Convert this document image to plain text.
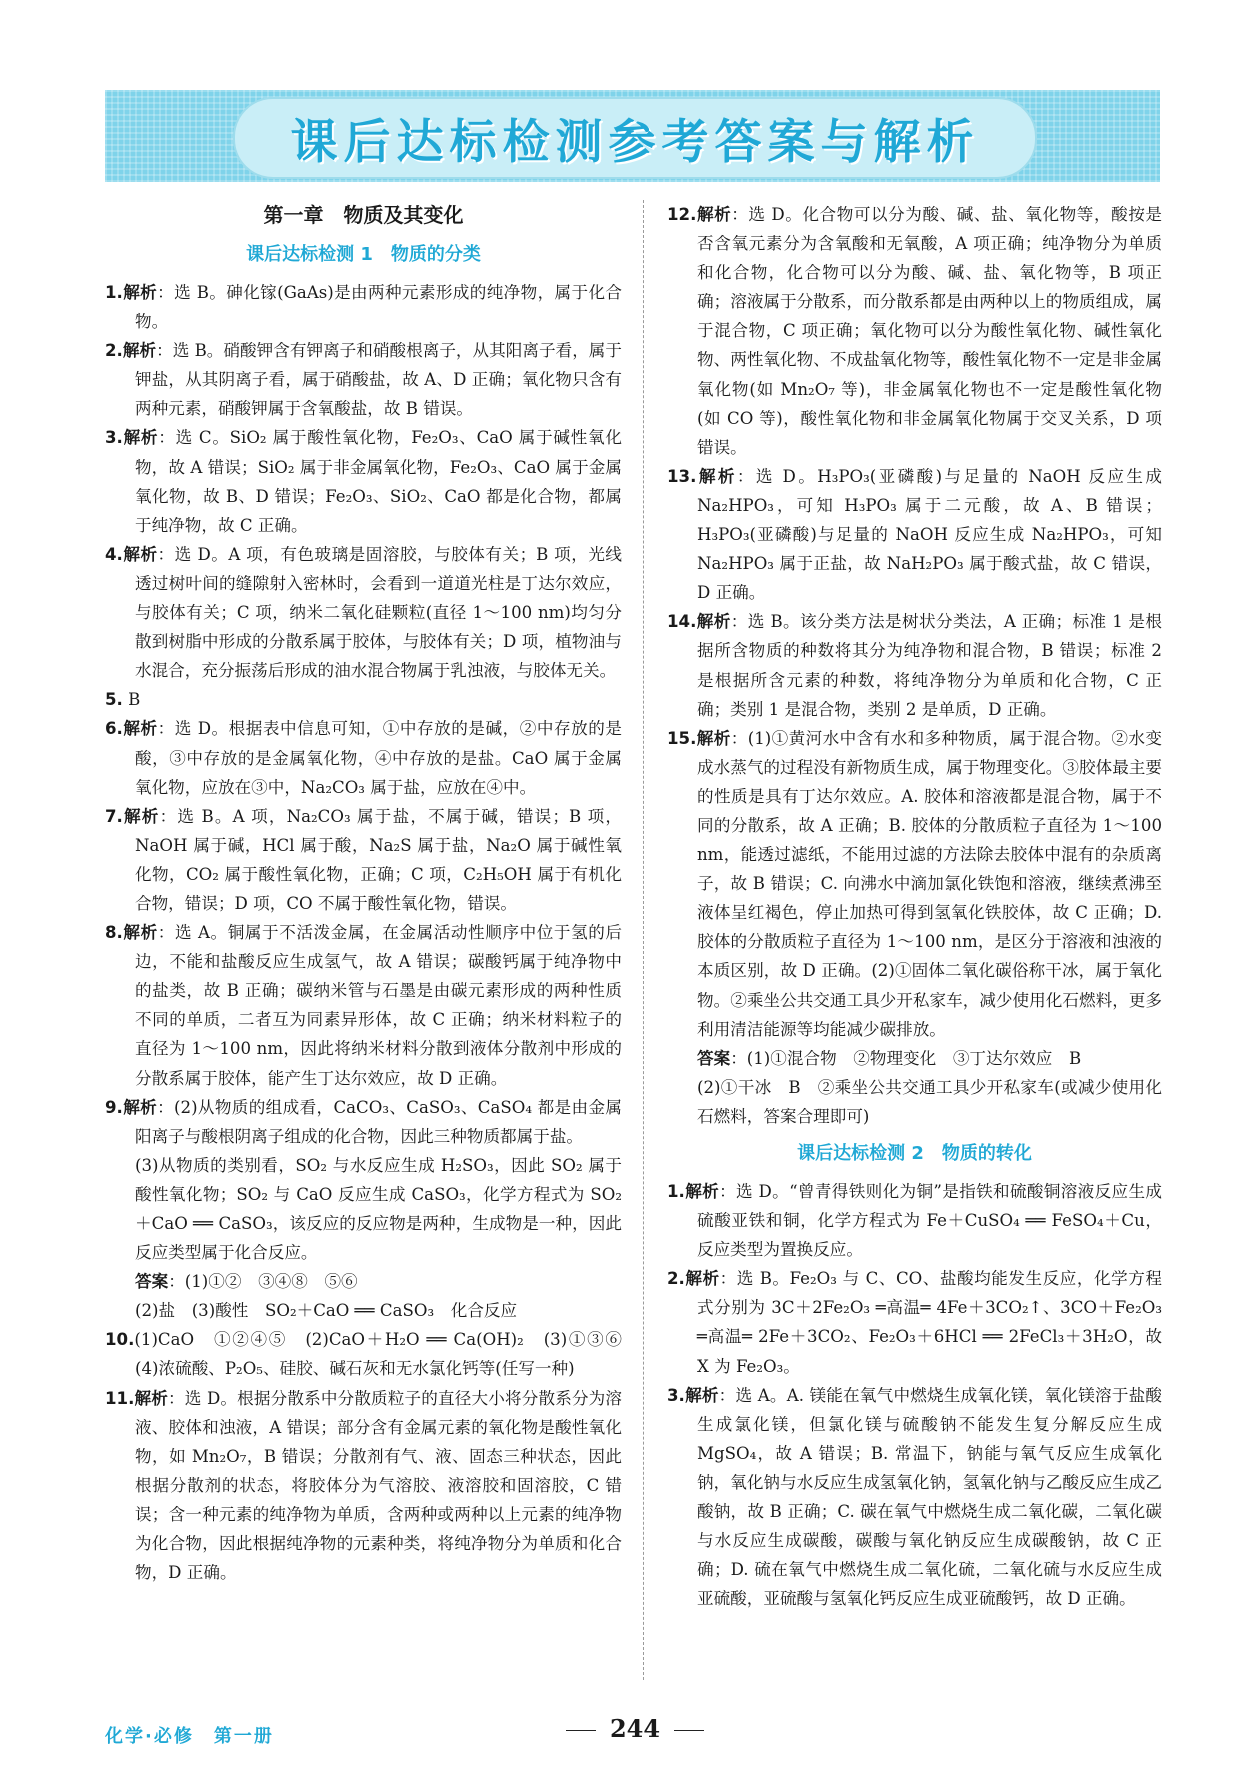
课后达标检测参考答案与解析
第一章　物质及其变化
课后达标检测 1　物质的分类

1.解析：选 B。砷化镓(GaAs)是由两种元素形成的纯净物，属于化合物。

2.解析：选 B。硝酸钾含有钾离子和硝酸根离子，从其阳离子看，属于钾盐，从其阴离子看，属于硝酸盐，故 A、D 正确；氧化物只含有两种元素，硝酸钾属于含氧酸盐，故 B 错误。

3.解析：选 C。SiO₂ 属于酸性氧化物，Fe₂O₃、CaO 属于碱性氧化物，故 A 错误；SiO₂ 属于非金属氧化物，Fe₂O₃、CaO 属于金属氧化物，故 B、D 错误；Fe₂O₃、SiO₂、CaO 都是化合物，都属于纯净物，故 C 正确。

4.解析：选 D。A 项，有色玻璃是固溶胶，与胶体有关；B 项，光线透过树叶间的缝隙射入密林时，会看到一道道光柱是丁达尔效应，与胶体有关；C 项，纳米二氧化硅颗粒(直径 1～100 nm)均匀分散到树脂中形成的分散系属于胶体，与胶体有关；D 项，植物油与水混合，充分振荡后形成的油水混合物属于乳浊液，与胶体无关。

5. B

6.解析：选 D。根据表中信息可知，①中存放的是碱，②中存放的是酸，③中存放的是金属氧化物，④中存放的是盐。CaO 属于金属氧化物，应放在③中，Na₂CO₃ 属于盐，应放在④中。

7.解析：选 B。A 项，Na₂CO₃ 属于盐，不属于碱，错误；B 项，NaOH 属于碱，HCl 属于酸，Na₂S 属于盐，Na₂O 属于碱性氧化物，CO₂ 属于酸性氧化物，正确；C 项，C₂H₅OH 属于有机化合物，错误；D 项，CO 不属于酸性氧化物，错误。

8.解析：选 A。铜属于不活泼金属，在金属活动性顺序中位于氢的后边，不能和盐酸反应生成氢气，故 A 错误；碳酸钙属于纯净物中的盐类，故 B 正确；碳纳米管与石墨是由碳元素形成的两种性质不同的单质，二者互为同素异形体，故 C 正确；纳米材料粒子的直径为 1～100 nm，因此将纳米材料分散到液体分散剂中形成的分散系属于胶体，能产生丁达尔效应，故 D 正确。

9.解析：(2)从物质的组成看，CaCO₃、CaSO₃、CaSO₄ 都是由金属阳离子与酸根阴离子组成的化合物，因此三种物质都属于盐。

(3)从物质的类别看，SO₂ 与水反应生成 H₂SO₃，因此 SO₂ 属于酸性氧化物；SO₂ 与 CaO 反应生成 CaSO₃，化学方程式为 SO₂＋CaO ══ CaSO₃，该反应的反应物是两种，生成物是一种，因此反应类型属于化合反应。

答案：(1)①②　③④⑧　⑤⑥

(2)盐　(3)酸性　SO₂＋CaO ══ CaSO₃　化合反应

10.(1)CaO　①②④⑤　(2)CaO＋H₂O ══ Ca(OH)₂　(3)①③⑥　(4)浓硫酸、P₂O₅、硅胶、碱石灰和无水氯化钙等(任写一种)

11.解析：选 D。根据分散系中分散质粒子的直径大小将分散系分为溶液、胶体和浊液，A 错误；部分含有金属元素的氧化物是酸性氧化物，如 Mn₂O₇，B 错误；分散剂有气、液、固态三种状态，因此根据分散剂的状态，将胶体分为气溶胶、液溶胶和固溶胶，C 错误；含一种元素的纯净物为单质，含两种或两种以上元素的纯净物为化合物，因此根据纯净物的元素种类，将纯净物分为单质和化合物，D 正确。

12.解析：选 D。化合物可以分为酸、碱、盐、氧化物等，酸按是否含氧元素分为含氧酸和无氧酸，A 项正确；纯净物分为单质和化合物，化合物可以分为酸、碱、盐、氧化物等，B 项正确；溶液属于分散系，而分散系都是由两种以上的物质组成，属于混合物，C 项正确；氧化物可以分为酸性氧化物、碱性氧化物、两性氧化物、不成盐氧化物等，酸性氧化物不一定是非金属氧化物(如 Mn₂O₇ 等)，非金属氧化物也不一定是酸性氧化物(如 CO 等)，酸性氧化物和非金属氧化物属于交叉关系，D 项错误。

13.解析：选 D。H₃PO₃(亚磷酸)与足量的 NaOH 反应生成 Na₂HPO₃，可知 H₃PO₃ 属于二元酸，故 A、B 错误；H₃PO₃(亚磷酸)与足量的 NaOH 反应生成 Na₂HPO₃，可知 Na₂HPO₃ 属于正盐，故 NaH₂PO₃ 属于酸式盐，故 C 错误，D 正确。

14.解析：选 B。该分类方法是树状分类法，A 正确；标准 1 是根据所含物质的种数将其分为纯净物和混合物，B 错误；标准 2 是根据所含元素的种数，将纯净物分为单质和化合物，C 正确；类别 1 是混合物，类别 2 是单质，D 正确。

15.解析：(1)①黄河水中含有水和多种物质，属于混合物。②水变成水蒸气的过程没有新物质生成，属于物理变化。③胶体最主要的性质是具有丁达尔效应。A. 胶体和溶液都是混合物，属于不同的分散系，故 A 正确；B. 胶体的分散质粒子直径为 1～100 nm，能透过滤纸，不能用过滤的方法除去胶体中混有的杂质离子，故 B 错误；C. 向沸水中滴加氯化铁饱和溶液，继续煮沸至液体呈红褐色，停止加热可得到氢氧化铁胶体，故 C 正确；D. 胶体的分散质粒子直径为 1～100 nm，是区分于溶液和浊液的本质区别，故 D 正确。(2)①固体二氧化碳俗称干冰，属于氧化物。②乘坐公共交通工具少开私家车，减少使用化石燃料，更多利用清洁能源等均能减少碳排放。

答案：(1)①混合物　②物理变化　③丁达尔效应　B

(2)①干冰　B　②乘坐公共交通工具少开私家车(或减少使用化石燃料，答案合理即可)

课后达标检测 2　物质的转化

1.解析：选 D。“曾青得铁则化为铜”是指铁和硫酸铜溶液反应生成硫酸亚铁和铜，化学方程式为 Fe＋CuSO₄ ══ FeSO₄＋Cu，反应类型为置换反应。

2.解析：选 B。Fe₂O₃ 与 C、CO、盐酸均能发生反应，化学方程式分别为 3C＋2Fe₂O₃ ═高温═ 4Fe＋3CO₂↑、3CO＋Fe₂O₃ ═高温═ 2Fe＋3CO₂、Fe₂O₃＋6HCl ══ 2FeCl₃＋3H₂O，故 X 为 Fe₂O₃。

3.解析：选 A。A. 镁能在氧气中燃烧生成氧化镁，氧化镁溶于盐酸生成氯化镁，但氯化镁与硫酸钠不能发生复分解反应生成 MgSO₄，故 A 错误；B. 常温下，钠能与氧气反应生成氧化钠，氧化钠与水反应生成氢氧化钠，氢氧化钠与乙酸反应生成乙酸钠，故 B 正确；C. 碳在氧气中燃烧生成二氧化碳，二氧化碳与水反应生成碳酸，碳酸与氧化钠反应生成碳酸钠，故 C 正确；D. 硫在氧气中燃烧生成二氧化硫，二氧化硫与水反应生成亚硫酸，亚硫酸与氢氧化钙反应生成亚硫酸钙，故 D 正确。

化学·必修　第一册	244
